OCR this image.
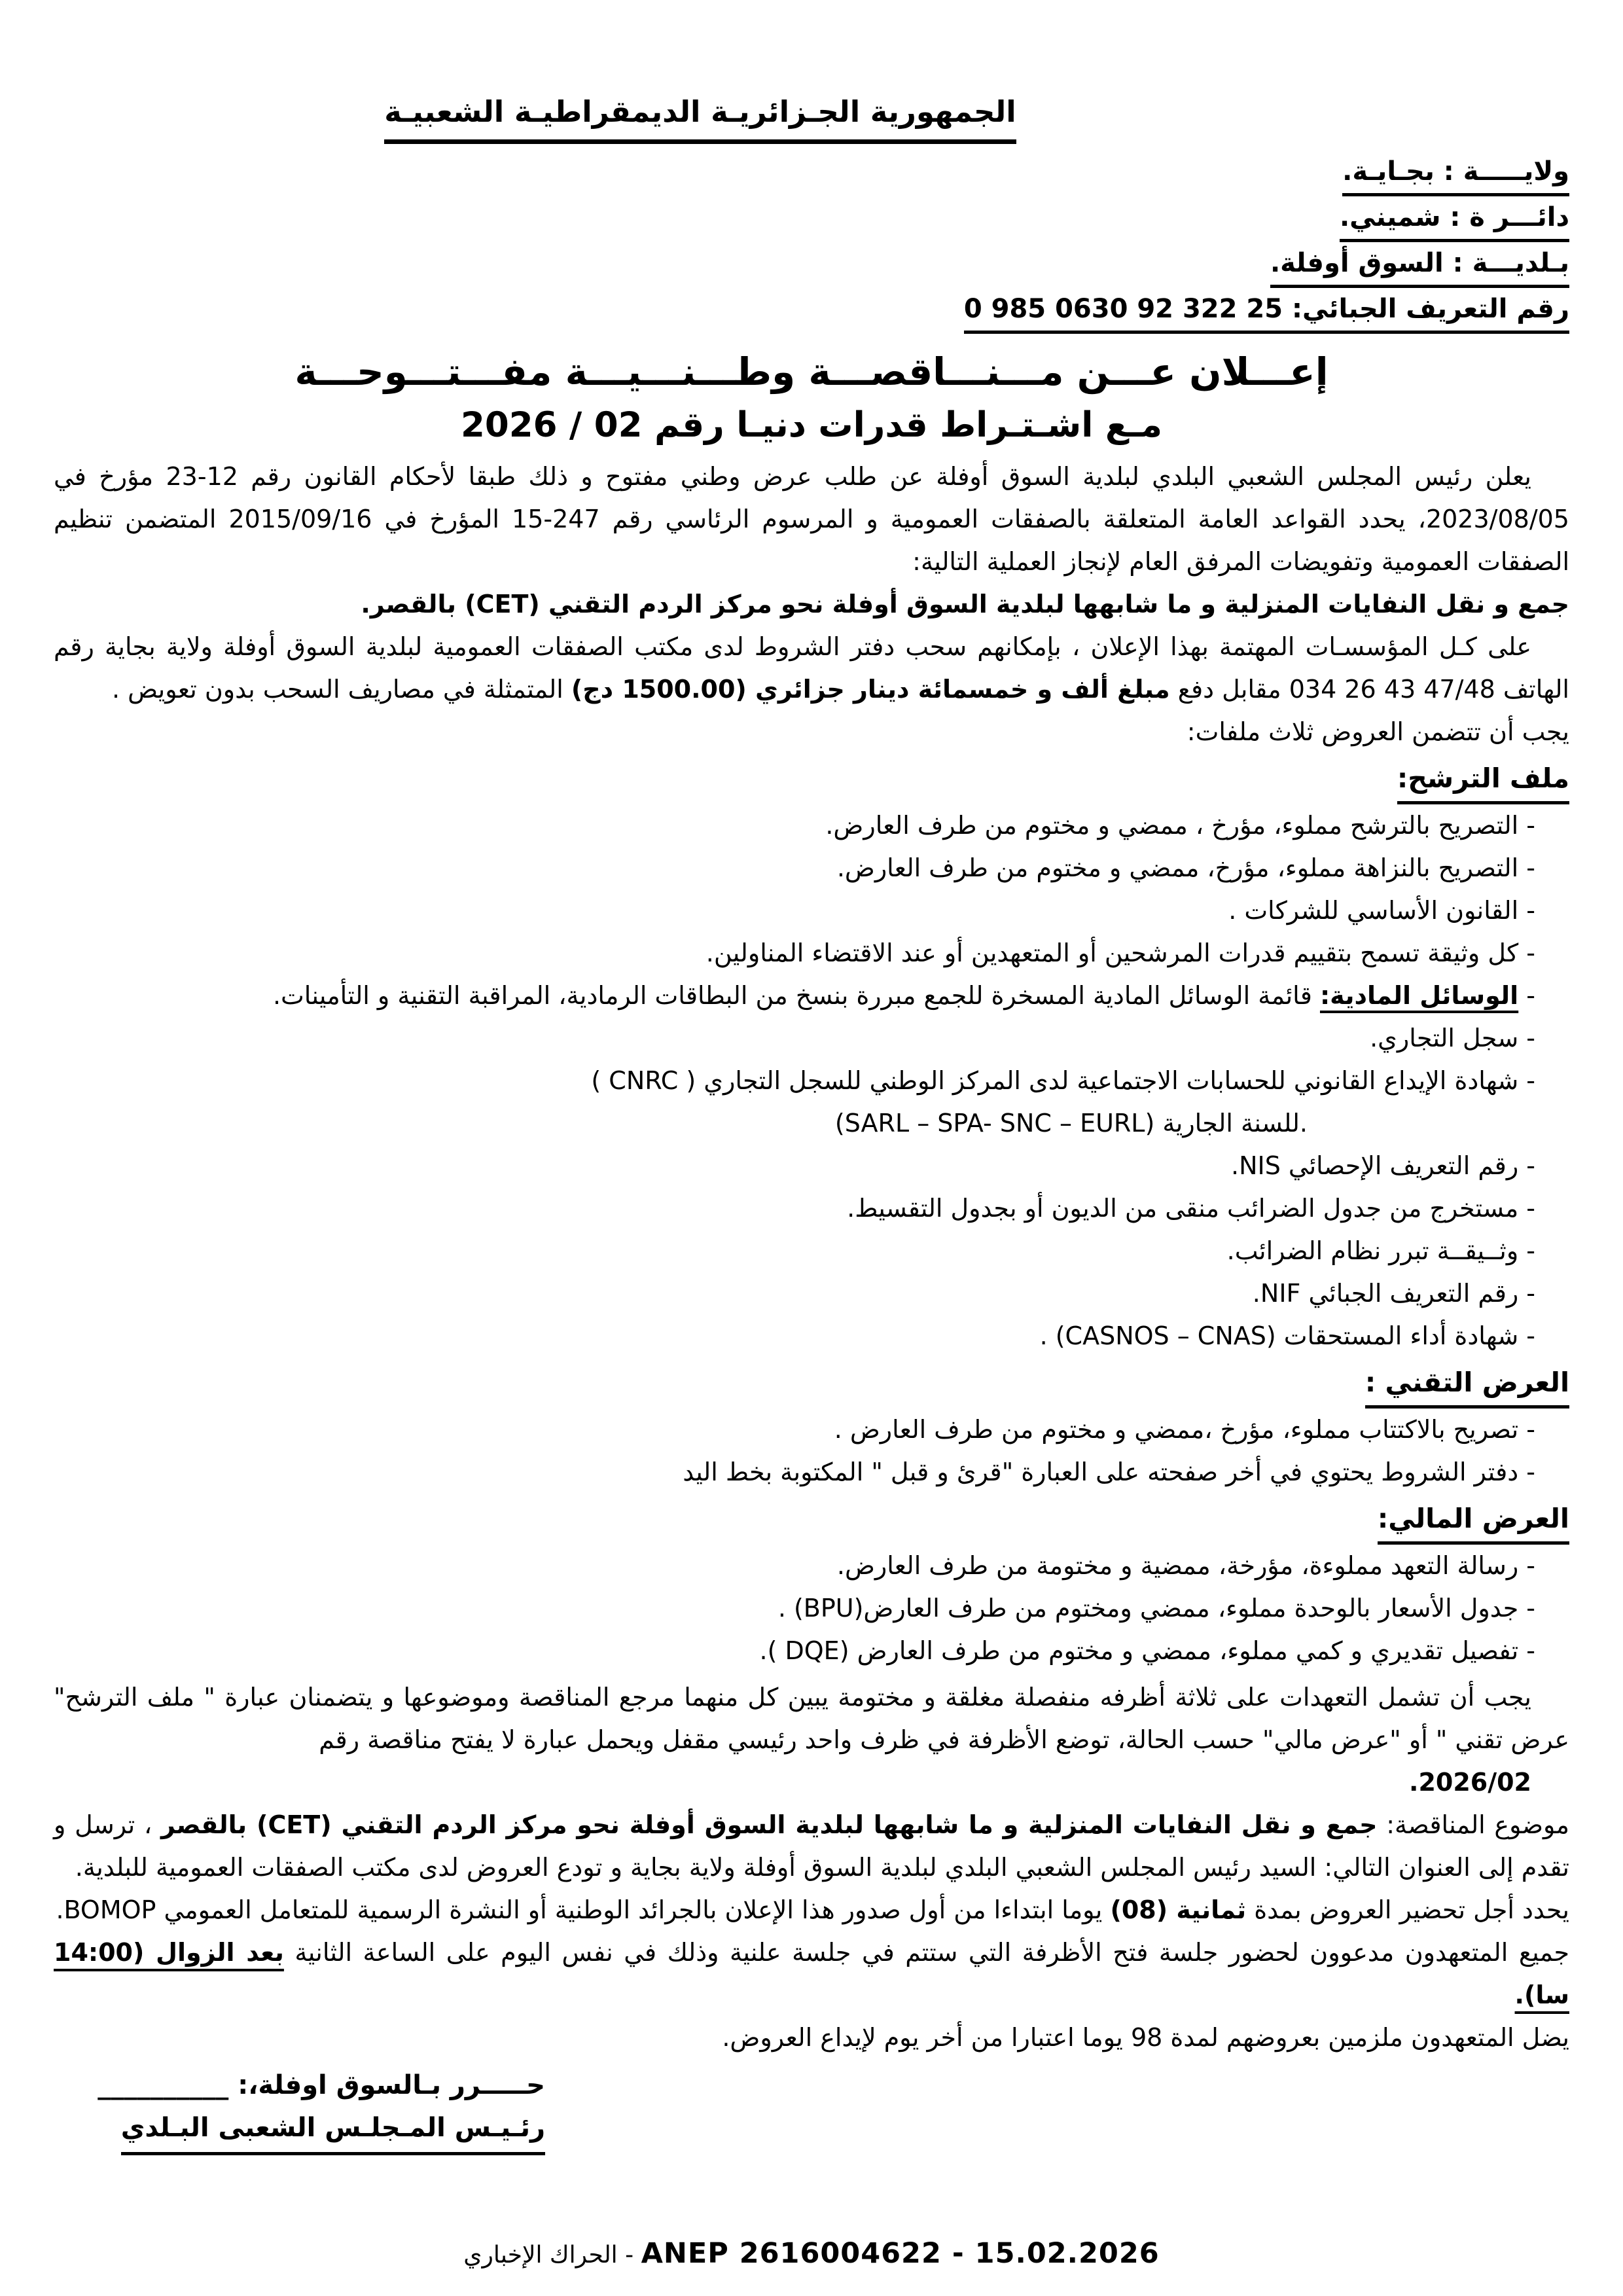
الجمهورية الجـزائريـة الديمقراطيـة الشعبيـة
ولايـــــة : بجـايـة.
دائـــر ة : شميني.
بـلديـــة : السوق أوفلة.
رقم التعريف الجبائي: 25 322 92 0630 985 0
إعـــلان عـــن مـــنـــاقصـــة وطـــنـــيـــة مفـــتـــوحـــة
مـع اشـتـراط قدرات دنيـا رقم 02 / 2026

يعلن رئيس المجلس الشعبي البلدي لبلدية السوق أوفلة عن طلب عرض وطني مفتوح و ذلك طبقا لأحكام القانون رقم 12-23 مؤرخ في 2023/08/05، يحدد القواعد العامة المتعلقة بالصفقات العمومية و المرسوم الرئاسي رقم 247-15 المؤرخ في 2015/09/16 المتضمن تنظيم الصفقات العمومية وتفويضات المرفق العام لإنجاز العملية التالية:

جمع و نقل النفايات المنزلية و ما شابهها لبلدية السوق أوفلة نحو مركز الردم التقني (CET) بالقصر.

على كـل المؤسسـات المهتمة بهذا الإعلان ، بإمكانهم سحب دفتر الشروط لدى مكتب الصفقات العمومية لبلدية السوق أوفلة ولاية بجاية رقم الهاتف 47/48 43 26 034 مقابل دفع مبلغ ألف و خمسمائة دينار جزائري (1500.00 دج) المتمثلة في مصاريف السحب بدون تعويض .

يجب أن تتضمن العروض ثلاث ملفات:

ملف الترشح:
- التصريح بالترشح مملوء، مؤرخ ، ممضي و مختوم من طرف العارض.
- التصريح بالنزاهة مملوء، مؤرخ، ممضي و مختوم من طرف العارض.
- القانون الأساسي للشركات .
- كل وثيقة تسمح بتقييم قدرات المرشحين أو المتعهدين أو عند الاقتضاء المناولين.
- الوسائل المادية: قائمة الوسائل المادية المسخرة للجمع مبررة بنسخ من البطاقات الرمادية، المراقبة التقنية و التأمينات.
- سجل التجاري.
- شهادة الإيداع القانوني للحسابات الاجتماعية لدى المركز الوطني للسجل التجاري ( CNRC )
(SARL – SPA- SNC – EURL) للسنة الجارية.
- رقم التعريف الإحصائي NIS.
- مستخرج من جدول الضرائب منقى من الديون أو بجدول التقسيط.
- وثــيقــة تبرر نظام الضرائب.
- رقم التعريف الجبائي NIF.
- شهادة أداء المستحقات (CASNOS – CNAS) .
العرض التقني :
- تصريح بالاكتتاب مملوء، مؤرخ ،ممضي و مختوم من طرف العارض .
- دفتر الشروط يحتوي في أخر صفحته على العبارة "قرئ و قبل " المكتوبة بخط اليد
العرض المالي:
- رسالة التعهد مملوءة، مؤرخة، ممضية و مختومة من طرف العارض.
- جدول الأسعار بالوحدة مملوء، ممضي ومختوم من طرف العارض(BPU) .
- تفصيل تقديري و كمي مملوء، ممضي و مختوم من طرف العارض (DQE ).

يجب أن تشمل التعهدات على ثلاثة أظرفه منفصلة مغلقة و مختومة يبين كل منهما مرجع المناقصة وموضوعها و يتضمنان عبارة " ملف الترشح" عرض تقني " أو "عرض مالي" حسب الحالة، توضع الأظرفة في ظرف واحد رئيسي مقفل ويحمل عبارة لا يفتح مناقصة رقم
2026/02.

موضوع المناقصة: جمع و نقل النفايات المنزلية و ما شابهها لبلدية السوق أوفلة نحو مركز الردم التقني (CET) بالقصر ، ترسل و تقدم إلى العنوان التالي: السيد رئيس المجلس الشعبي البلدي لبلدية السوق أوفلة ولاية بجاية و تودع العروض لدى مكتب الصفقات العمومية للبلدية.

يحدد أجل تحضير العروض بمدة ثمانية (08) يوما ابتداءا من أول صدور هذا الإعلان بالجرائد الوطنية أو النشرة الرسمية للمتعامل العمومي BOMOP.

جميع المتعهدون مدعوون لحضور جلسة فتح الأظرفة التي ستتم في جلسة علنية وذلك في نفس اليوم على الساعة الثانية بعد الزوال (14:00 سا).

يضل المتعهدون ملزمين بعروضهم لمدة 98 يوما اعتبارا من أخر يوم لإيداع العروض.

حـــــرر بـالسوق اوفلة،: __________
رئـيـس المـجلـس الشعبى البـلدي
الحراك الإخباري - ANEP 2616004622 - 15.02.2026
